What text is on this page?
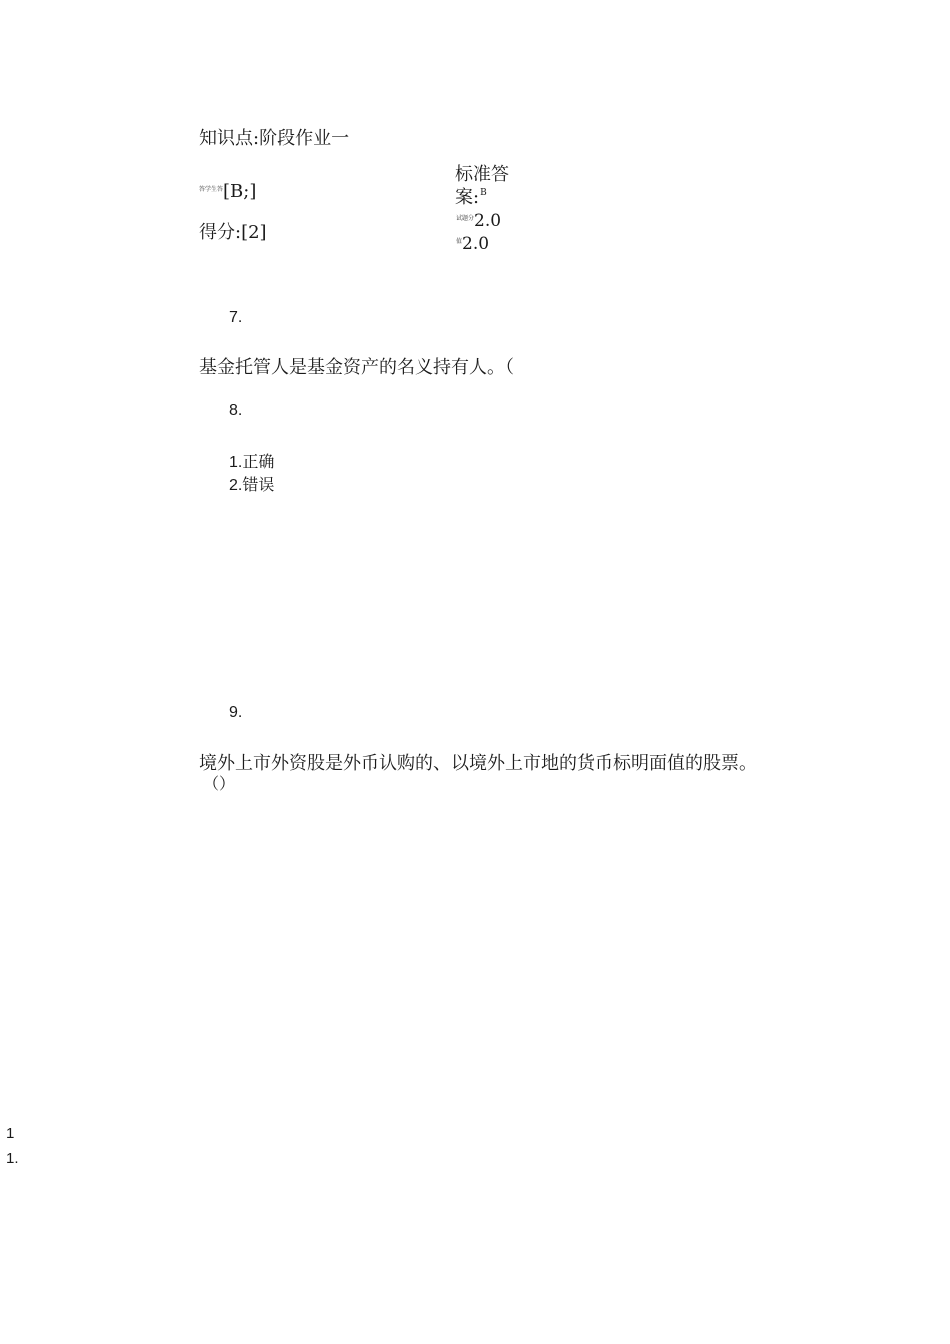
知识点:阶段作业一
标准答
案:$^B$
$^{答学生答}$[B;]
得分:[2]
$^{试题分}$2.0
$^值$2.0
7.
基金托管人是基金资产的名义持有人。（
8.
1.正确
2.错误
9.
境外上市外资股是外币认购的、以境外上市地的货币标明面值的股票。
（）
1
1.
